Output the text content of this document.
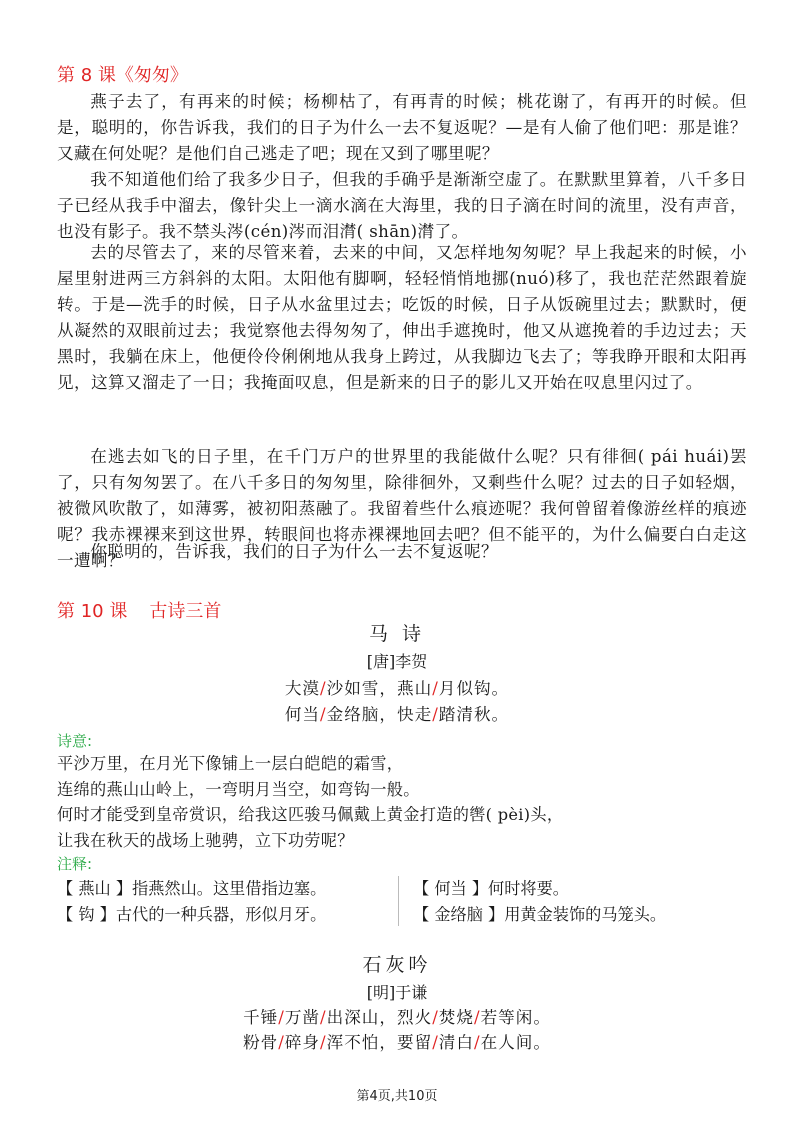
第 8 课《匆匆》

燕子去了，有再来的时候；杨柳枯了，有再青的时候；桃花谢了，有再开的时候。但是，聪明的，你告诉我，我们的日子为什么一去不复返呢？—是有人偷了他们吧：那是谁？又藏在何处呢？是他们自己逃走了吧；现在又到了哪里呢？

我不知道他们给了我多少日子，但我的手确乎是渐渐空虚了。在默默里算着，八千多日子已经从我手中溜去，像针尖上一滴水滴在大海里，我的日子滴在时间的流里，没有声音，也没有影子。我不禁头涔(cén)涔而泪潸( shān)潸了。

去的尽管去了，来的尽管来着，去来的中间，又怎样地匆匆呢？早上我起来的时候，小屋里射进两三方斜斜的太阳。太阳他有脚啊，轻轻悄悄地挪(nuó)移了，我也茫茫然跟着旋转。于是—洗手的时候，日子从水盆里过去；吃饭的时候，日子从饭碗里过去；默默时，便从凝然的双眼前过去；我觉察他去得匆匆了，伸出手遮挽时，他又从遮挽着的手边过去；天黑时，我躺在床上，他便伶伶俐俐地从我身上跨过，从我脚边飞去了；等我睁开眼和太阳再见，这算又溜走了一日；我掩面叹息，但是新来的日子的影儿又开始在叹息里闪过了。

在逃去如飞的日子里，在千门万户的世界里的我能做什么呢？只有徘徊( pái huái)罢了，只有匆匆罢了。在八千多日的匆匆里，除徘徊外，又剩些什么呢？过去的日子如轻烟，被微风吹散了，如薄雾，被初阳蒸融了。我留着些什么痕迹呢？我何曾留着像游丝样的痕迹呢？我赤裸裸来到这世界，转眼间也将赤裸裸地回去吧？但不能平的，为什么偏要白白走这一遭啊？

你聪明的，告诉我，我们的日子为什么一去不复返呢？

第 10 课 古诗三首
马 诗
[唐]李贺
大漠/沙如雪，燕山/月似钩。
何当/金络脑，快走/踏清秋。
诗意:
平沙万里，在月光下像铺上一层白皑皑的霜雪，
连绵的燕山山岭上，一弯明月当空，如弯钩一般。
何时才能受到皇帝赏识，给我这匹骏马佩戴上黄金打造的辔( pèi)头，
让我在秋天的战场上驰骋，立下功劳呢？
注释:
【 燕山 】指燕然山。这里借指边塞。
【 钩 】古代的一种兵器，形似月牙。
【 何当 】何时将要。
【 金络脑 】用黄金装饰的马笼头。
石灰吟
[明]于谦
千锤/万凿/出深山，烈火/焚烧/若等闲。
粉骨/碎身/浑不怕，要留/清白/在人间。
第4页,共10页
